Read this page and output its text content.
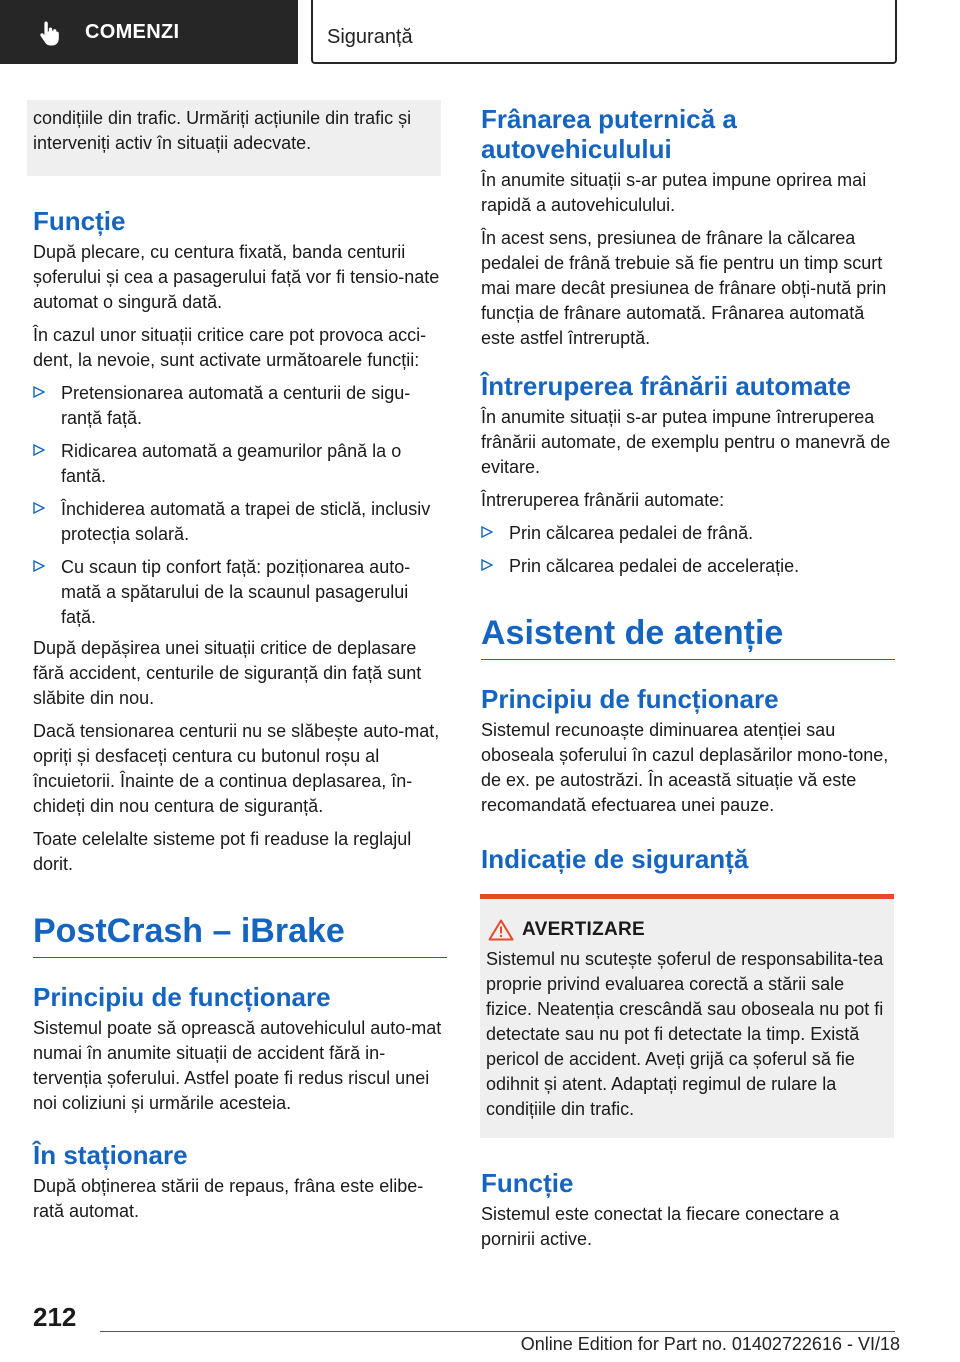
COMENZI	Siguranță

condițiile din trafic. Urmăriți acțiunile din trafic și interveniți activ în situații adecvate.

Funcție

După plecare, cu centura fixată, banda centurii șoferului și cea a pasagerului față vor fi tensio-nate automat o singură dată.

În cazul unor situații critice care pot provoca acci-dent, la nevoie, sunt activate următoarele funcții:

Pretensionarea automată a centurii de sigu-ranță față.
Ridicarea automată a geamurilor până la o fantă.
Închiderea automată a trapei de sticlă, inclusiv protecția solară.
Cu scaun tip confort față: poziționarea auto-mată a spătarului de la scaunul pasagerului față.

După depășirea unei situații critice de deplasare fără accident, centurile de siguranță din față sunt slăbite din nou.

Dacă tensionarea centurii nu se slăbește auto-mat, opriți și desfaceți centura cu butonul roșu al încuietorii. Înainte de a continua deplasarea, în-chideți din nou centura de siguranță.

Toate celelalte sisteme pot fi readuse la reglajul dorit.

PostCrash – iBrake
Principiu de funcționare

Sistemul poate să oprească autovehiculul auto-mat numai în anumite situații de accident fără in-tervenția șoferului. Astfel poate fi redus riscul unei noi coliziuni și urmările acesteia.

În staționare

După obținerea stării de repaus, frâna este elibe-rată automat.

Frânarea puternică a autovehiculului

În anumite situații s-ar putea impune oprirea mai rapidă a autovehiculului.

În acest sens, presiunea de frânare la călcarea pedalei de frână trebuie să fie pentru un timp scurt mai mare decât presiunea de frânare obți-nută prin funcția de frânare automată. Frânarea automată este astfel întreruptă.

Întreruperea frânării automate

În anumite situații s-ar putea impune întreruperea frânării automate, de exemplu pentru o manevră de evitare.

Întreruperea frânării automate:

Prin călcarea pedalei de frână.
Prin călcarea pedalei de accelerație.
Asistent de atenție
Principiu de funcționare

Sistemul recunoaște diminuarea atenției sau oboseala șoferului în cazul deplasărilor mono-tone, de ex. pe autostrăzi. În această situație vă este recomandată efectuarea unei pauze.

Indicație de siguranță
AVERTIZARE

Sistemul nu scutește șoferul de responsabilita-tea proprie privind evaluarea corectă a stării sale fizice. Neatenția crescândă sau oboseala nu pot fi detectate sau nu pot fi detectate la timp. Există pericol de accident. Aveți grijă ca șoferul să fie odihnit și atent. Adaptați regimul de rulare la condițiile din trafic.

Funcție

Sistemul este conectat la fiecare conectare a pornirii active.

212
Online Edition for Part no. 01402722616 - VI/18
